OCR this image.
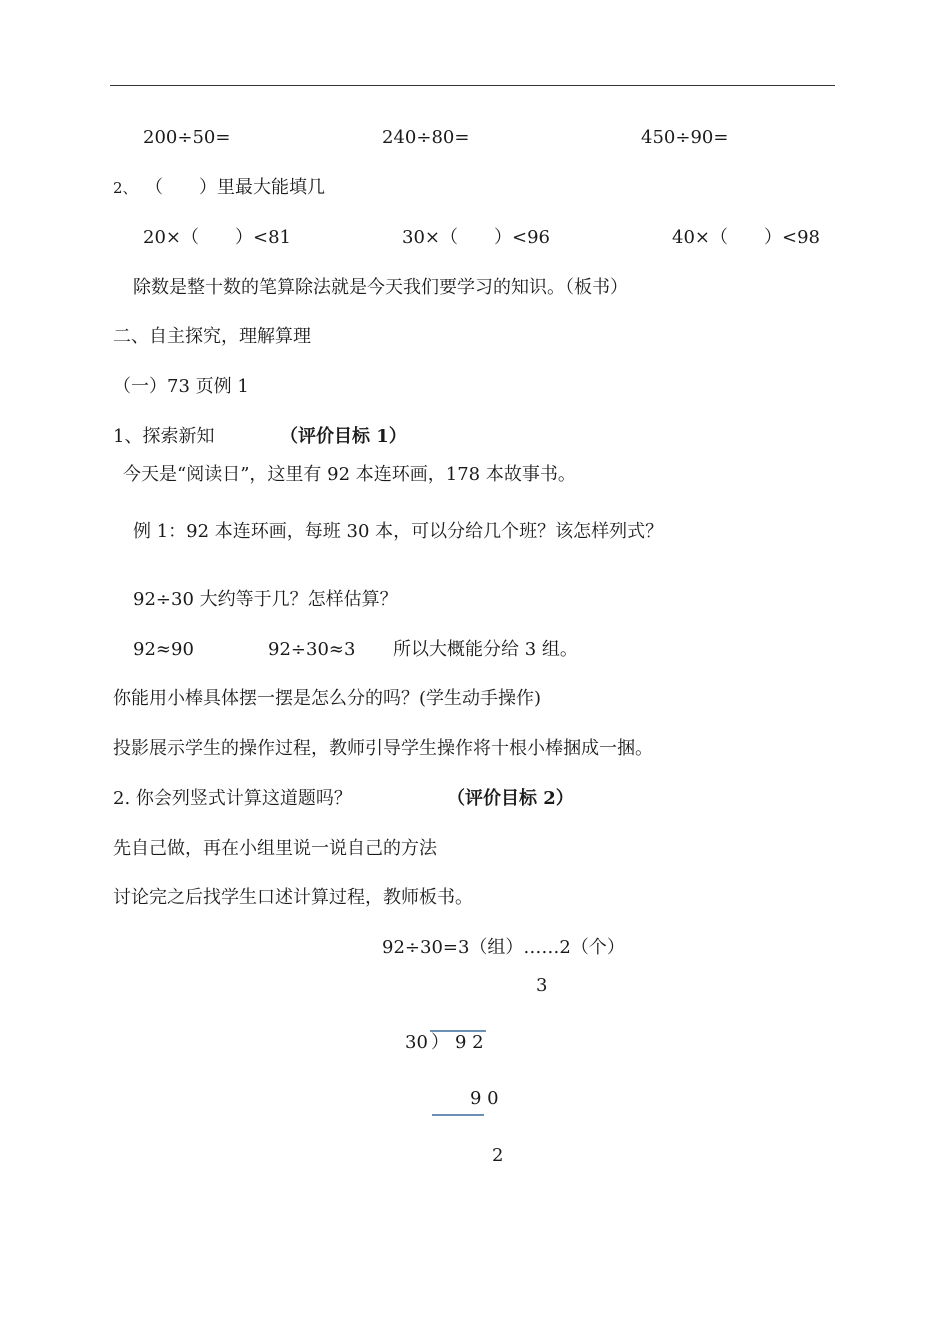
200÷50=	240÷80=	450÷90=
2、 （　　）里最大能填几
20×（　　）<81	30×（　　）<96	40×（　　）<98
除数是整十数的笔算除法就是今天我们要学习的知识。（板书）
二、自主探究，理解算理
（一）73 页例 1
1、探索新知	（评价目标 1）
今天是“阅读日”，这里有 92 本连环画，178 本故事书。
例 1：92 本连环画，每班 30 本，可以分给几个班？该怎样列式？
92÷30 大约等于几？怎样估算？
92≈90	92÷30≈3 所以大概能分给 3 组。
你能用小棒具体摆一摆是怎么分的吗？(学生动手操作)
投影展示学生的操作过程，教师引导学生操作将十根小棒捆成一捆。
2. 你会列竖式计算这道题吗？	（评价目标 2）
先自己做，再在小组里说一说自己的方法
讨论完之后找学生口述计算过程，教师板书。
92÷30=3（组）……2（个）
3
30 ） 9 2
9 0
2
